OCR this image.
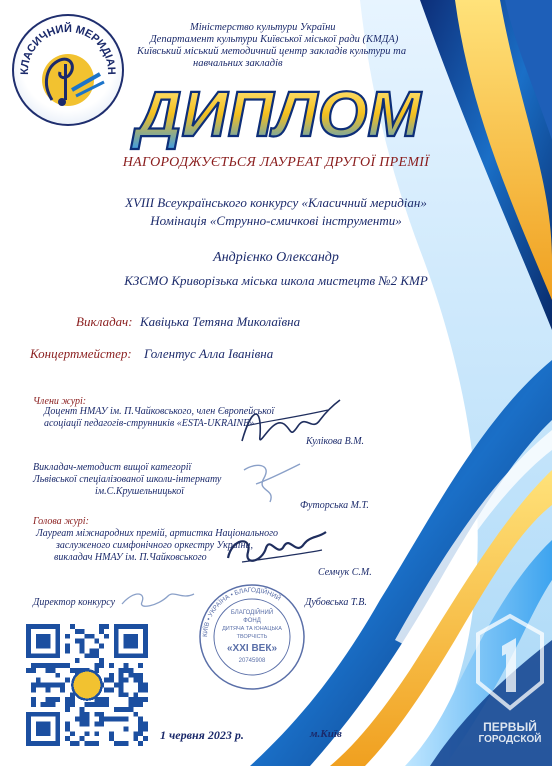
КЛАСИЧНИЙ МЕРИДІАН
Міністерство культури України
Департамент культури Київської міської ради (КМДА)
Київський міський методичний центр закладів культури та
навчальних закладів
ДИПЛОМ
НАГОРОДЖУЄТЬСЯ ЛАУРЕАТ ДРУГОЇ ПРЕМІЇ
XVIII Всеукраїнського конкурсу «Класичний меридіан»
Номінація «Струнно-смичкові інструменти»
Андрієнко Олександр
КЗСМО Криворізька міська школа мистецтв №2 КМР
Викладач: Кавіцька Тетяна Миколаївна
Концертмейстер: Голентус Алла Іванівна
Члени журі:
Доцент НМАУ ім. П.Чайковського, член Європейської
асоціації педагогів-струнників «ESTA-UKRAINE»
Кулікова В.М.
Викладач-методист вищої категорії
Львівської спеціалізованої школи-інтернату
ім.С.Крушельницької
Футорська М.Т.
Голова журі:
Лауреат міжнародних премій, артистка Національного
заслуженого симфонічного оркестру України,
викладач НМАУ ім. П.Чайковського
Семчук С.М.
Директор конкурсу	Дубовська Т.В.
КИЇВ • УКРАЇНА • БЛАГОДІЙНИЙ
БЛАГОДІЙНИЙ
ФОНД
ДИТЯЧА ТА ЮНАЦЬКА
ТВОРЧІСТЬ
«XXI ВЕК»
20745908
1 червня 2023 р.	м.Київ	ПЕРВЫЙ
ГОРОДСКОЙ
